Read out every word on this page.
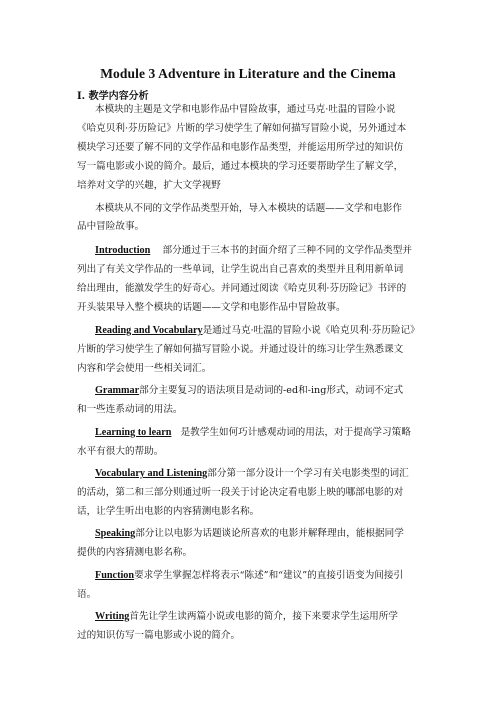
Module 3 Adventure in Literature and the Cinema
I. 教学内容分析
本模块的主题是文学和电影作品中冒险故事，通过马克·吐温的冒险小说
《哈克贝利·芬历险记》片断的学习使学生了解如何描写冒险小说，另外通过本
模块学习还要了解不同的文学作品和电影作品类型，并能运用所学过的知识仿
写一篇电影或小说的简介。最后，通过本模块的学习还要帮助学生了解文学，
培养对文学的兴趣，扩大文学视野
本模块从不同的文学作品类型开始，导入本模块的话题——文学和电影作
品中冒险故事。
Introduction 部分通过于三本书的封面介绍了三种不同的文学作品类型并
列出了有关文学作品的一些单词，让学生说出自己喜欢的类型并且利用新单词
给出理由，能激发学生的好奇心。并同通过阅读《哈克贝利·芬历险记》书评的
开头装果导入整个模块的话题——文学和电影作品中冒险故事。
Reading and Vocabulary是通过马克·吐温的冒险小说《哈克贝利·芬历险记》
片断的学习使学生了解如何描写冒险小说。并通过设计的练习让学生熟悉课文
内容和学会使用一些相关词汇。
Grammar部分主要复习的语法项目是动词的-ed和-ing形式，动词不定式
和一些连系动词的用法。
Learning to learn 是教学生如何巧计感观动词的用法，对于提高学习策略
水平有很大的帮助。
Vocabulary and Listening部分第一部分设计一个学习有关电影类型的词汇
的活动，第二和三部分则通过听一段关于讨论决定看电影上映的哪部电影的对
话，让学生听出电影的内容猜测电影名称。
Speaking部分让以电影为话题谈论所喜欢的电影并解释理由，能根据同学
提供的内容猜测电影名称。
Function要求学生掌握怎样将表示“陈述”和“建议”的直接引语变为间接引
语。
Writing首先让学生读两篇小说或电影的简介，接下来要求学生运用所学
过的知识仿写一篇电影或小说的简介。
